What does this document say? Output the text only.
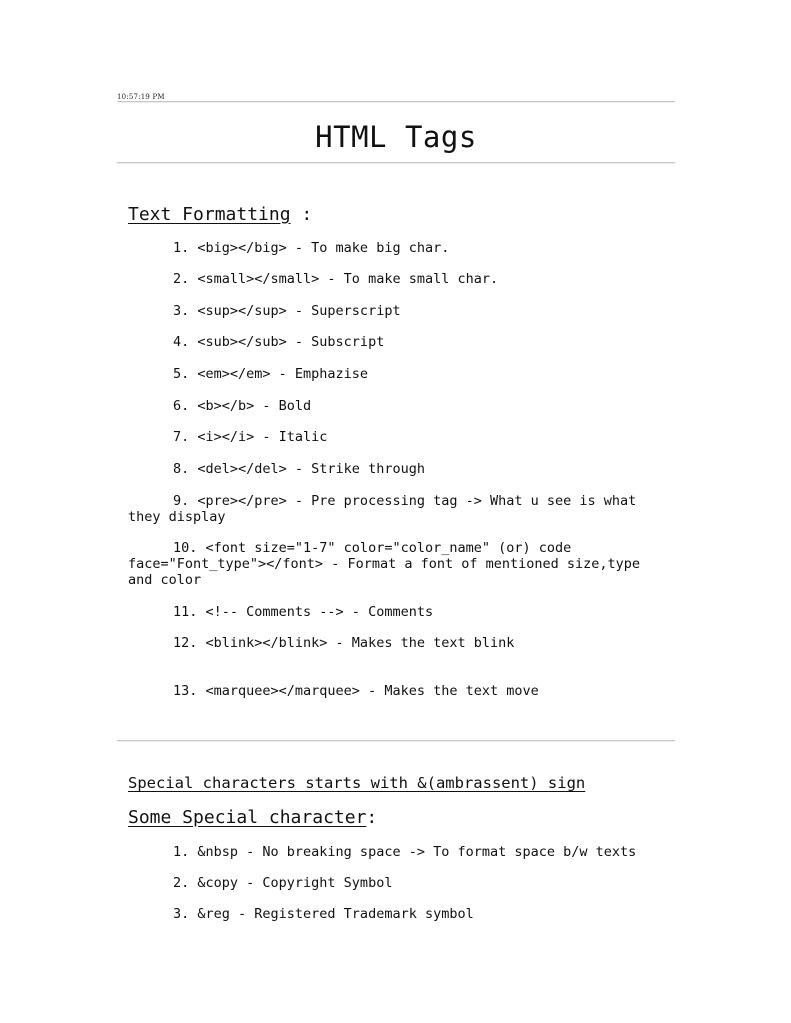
10:57:19 PM
HTML Tags
Text Formatting :
1. <big></big> - To make big char.
2. <small></small> - To make small char.
3. <sup></sup> - Superscript
4. <sub></sub> - Subscript
5. <em></em> - Emphazise
6. <b></b> - Bold
7. <i></i> - Italic
8. <del></del> - Strike through
9. <pre></pre> - Pre processing tag -> What u see is what they display
10. <font size="1-7" color="color_name" (or) code face="Font_type"></font> - Format a font of mentioned size,type and color
11. <!-- Comments --> - Comments
12. <blink></blink> - Makes the text blink
13. <marquee></marquee> - Makes the text move
Special characters starts with &(ambrassent) sign
Some Special character:
1. &nbsp - No breaking space -> To format space b/w texts
2. &copy - Copyright Symbol
3. &reg - Registered Trademark symbol
